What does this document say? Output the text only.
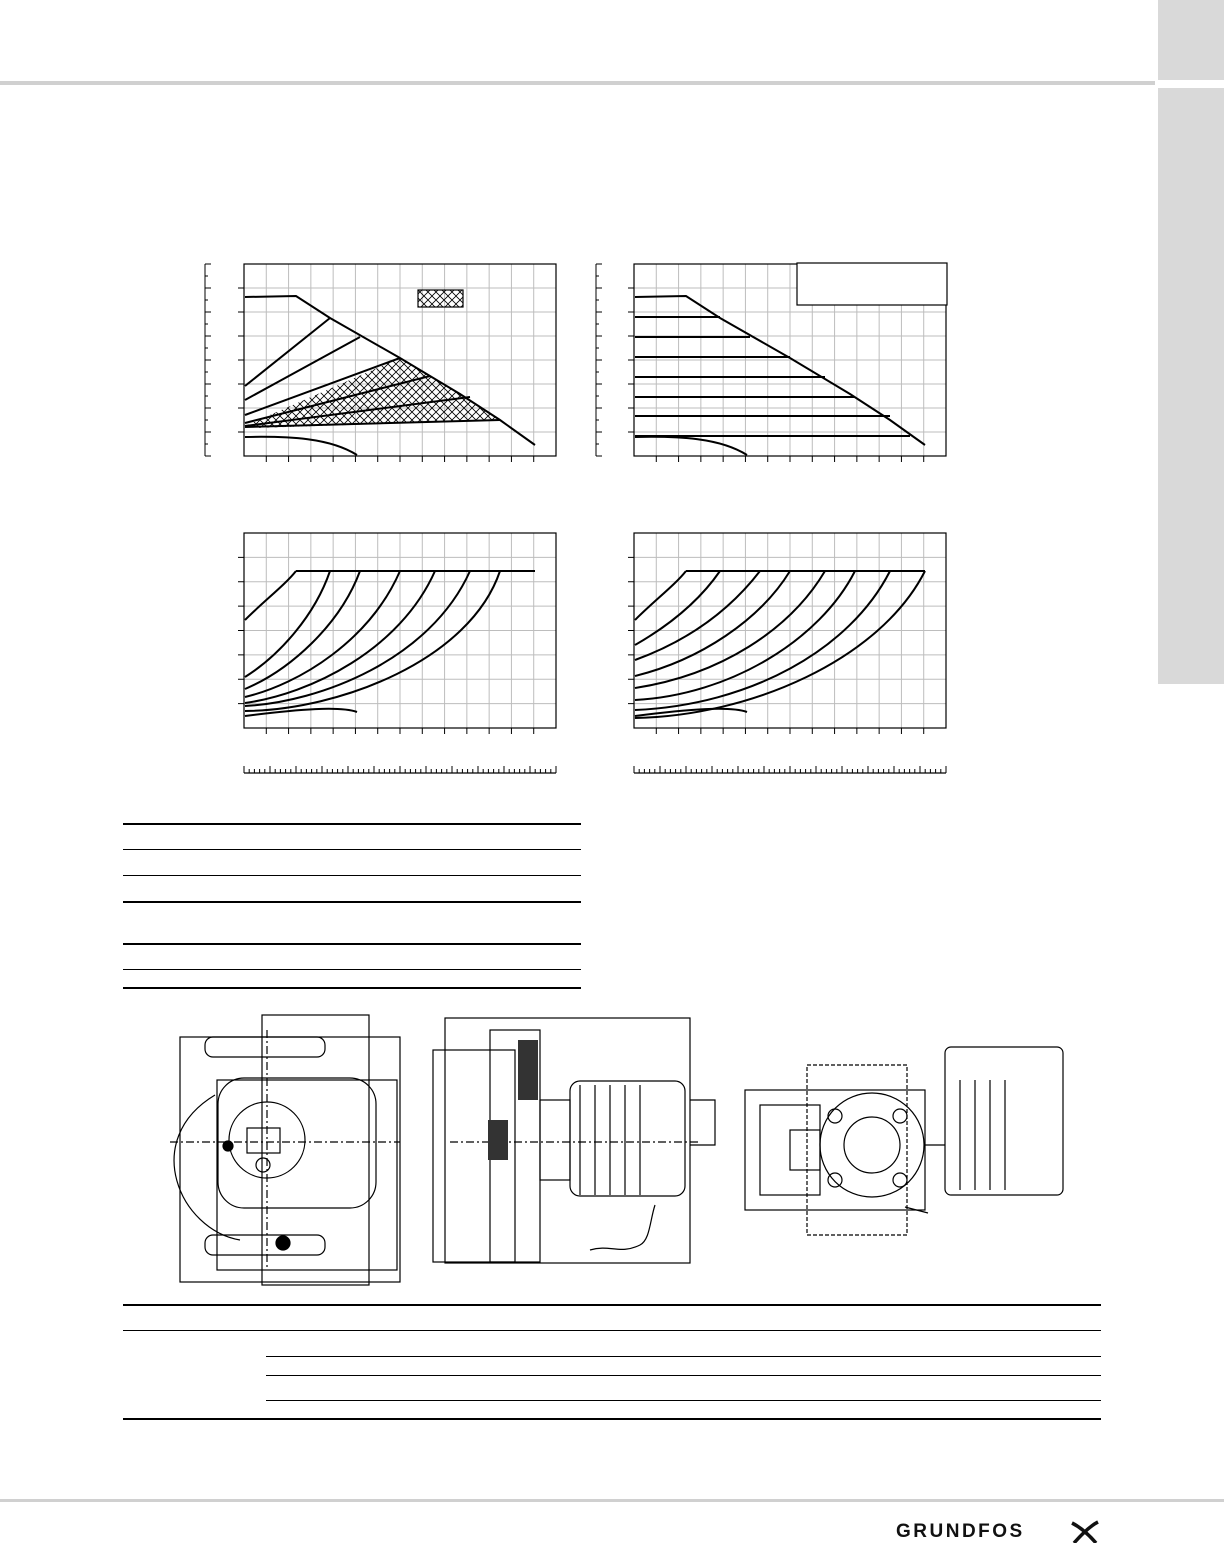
GRUNDFOS
